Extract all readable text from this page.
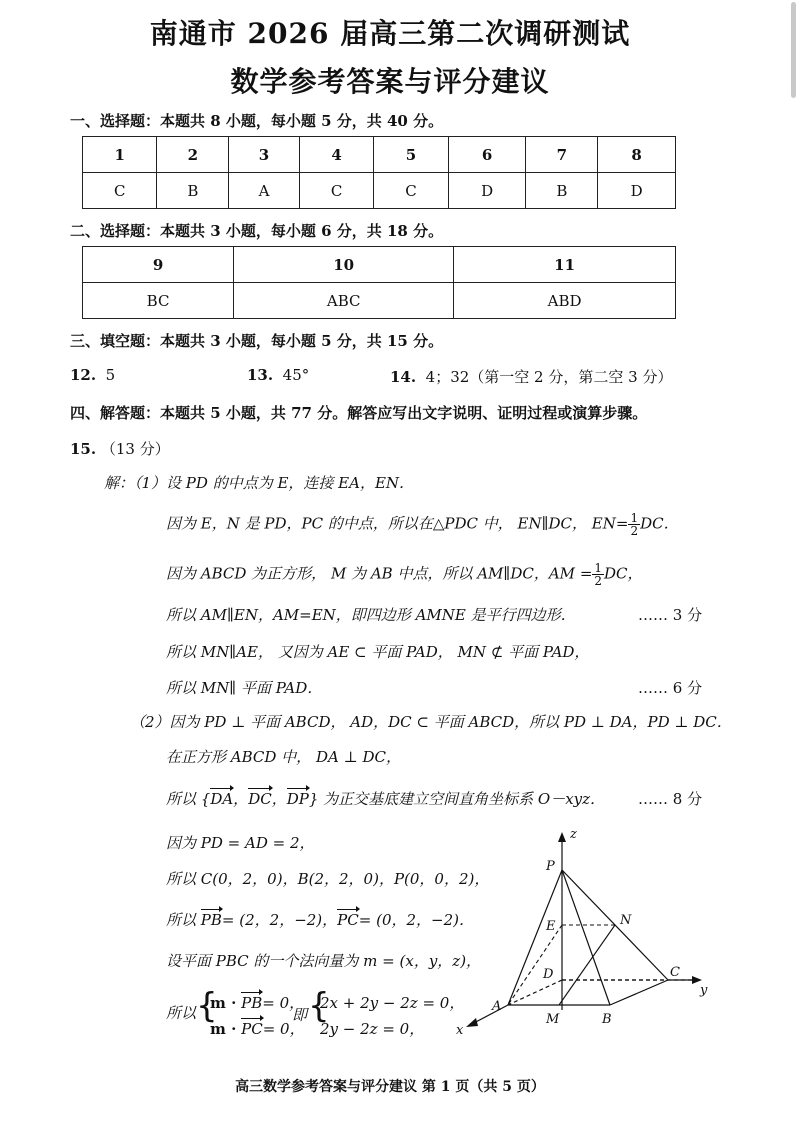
南通市 2026 届高三第二次调研测试
数学参考答案与评分建议
一、选择题：本题共 8 小题，每小题 5 分，共 40 分。
1	2	3	4	5	6	7	8
C	B	A	C	C	D	B	D
二、选择题：本题共 3 小题，每小题 6 分，共 18 分。
9	10	11
BC	ABC	ABD
三、填空题：本题共 3 小题，每小题 5 分，共 15 分。
12. 5	13. 45°	14. 4；32（第一空 2 分，第二空 3 分）
四、解答题：本题共 5 小题，共 77 分。解答应写出文字说明、证明过程或演算步骤。
15. （13 分）
解：（1）设 PD 的中点为 E，连接 EA，EN．
因为 E，N 是 PD，PC 的中点，所以在△PDC 中， EN∥DC， $EN= \frac{1}{2}$ DC．
因为 ABCD 为正方形， M 为 AB 中点，所以 AM∥DC，AM = $\frac{1}{2}$ DC，
所以 AM∥EN，AM=EN，即四边形 AMNE 是平行四边形．	…… 3 分
所以 MN∥AE， 又因为 AE ⊂ 平面 PAD， MN ⊄ 平面 PAD，
所以 MN∥ 平面 PAD．	…… 6 分
（2）因为 PD ⊥ 平面 ABCD， AD，DC ⊂ 平面 ABCD，所以 PD ⊥ DA，PD ⊥ DC．
在正方形 ABCD 中， DA ⊥ DC，
所以 {DA，DC，DP} 为正交基底建立空间直角坐标系 O－xyz． …… 8 分
因为 PD = AD = 2，
所以 C(0，2，0)，B(2，2，0)，P(0，0，2)，
所以 PB= (2，2，−2)，PC= (0，2，−2)．
设平面 PBC 的一个法向量为 m = (x，y，z)，
所以 {
m · PB= 0，
m · PC= 0，
即 {
2x + 2y − 2z = 0，
2y − 2z = 0，
P
E	N
D	C
A
M	B
x
y
z
高三数学参考答案与评分建议 第 1 页（共 5 页）
